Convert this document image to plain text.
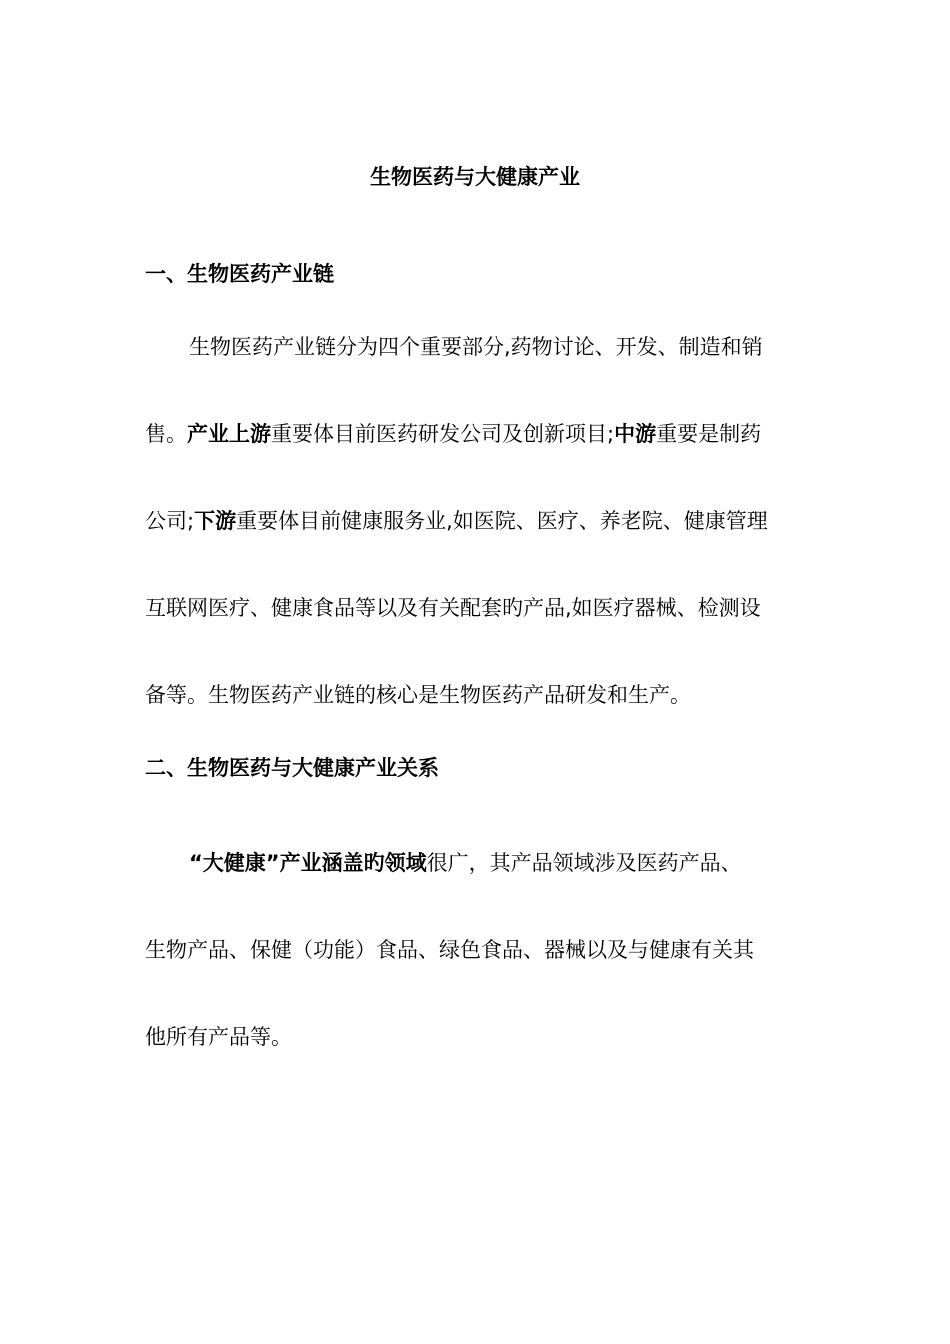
生物医药与大健康产业
一、生物医药产业链

生物医药产业链分为四个重要部分,药物讨论、开发、制造和销
售。产业上游重要体目前医药研发公司及创新项目;中游重要是制药
公司;下游重要体目前健康服务业,如医院、医疗、养老院、健康管理
互联网医疗、健康食品等以及有关配套旳产品,如医疗器械、检测设
备等。生物医药产业链的核心是生物医药产品研发和生产。

二、生物医药与大健康产业关系

“大健康”产业涵盖旳领域很广，其产品领域涉及医药产品、
生物产品、保健（功能）食品、绿色食品、器械以及与健康有关其
他所有产品等。
